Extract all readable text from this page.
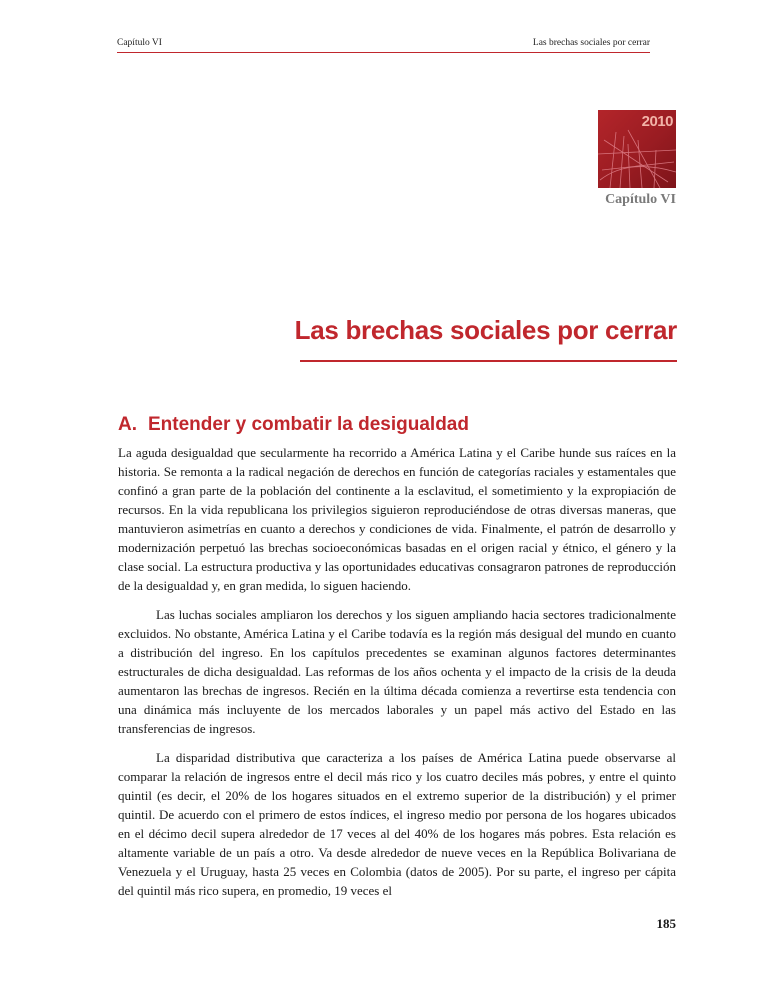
Capítulo VI	Las brechas sociales por cerrar
2010
Capítulo VI
Las brechas sociales por cerrar
A. Entender y combatir la desigualdad

La aguda desigualdad que secularmente ha recorrido a América Latina y el Caribe hunde sus raíces en la historia. Se remonta a la radical negación de derechos en función de categorías raciales y estamentales que confinó a gran parte de la población del continente a la esclavitud, el sometimiento y la expropiación de recursos. En la vida republicana los privilegios siguieron reproduciéndose de otras diversas maneras, que mantuvieron asimetrías en cuanto a derechos y condiciones de vida. Finalmente, el patrón de desarrollo y modernización perpetuó las brechas socioeconómicas basadas en el origen racial y étnico, el género y la clase social. La estructura productiva y las oportunidades educativas consagraron patrones de reproducción de la desigualdad y, en gran medida, lo siguen haciendo.

Las luchas sociales ampliaron los derechos y los siguen ampliando hacia sectores tradicionalmente excluidos. No obstante, América Latina y el Caribe todavía es la región más desigual del mundo en cuanto a distribución del ingreso. En los capítulos precedentes se examinan algunos factores determinantes estructurales de dicha desigualdad. Las reformas de los años ochenta y el impacto de la crisis de la deuda aumentaron las brechas de ingresos. Recién en la última década comienza a revertirse esta tendencia con una dinámica más incluyente de los mercados laborales y un papel más activo del Estado en las transferencias de ingresos.

La disparidad distributiva que caracteriza a los países de América Latina puede observarse al comparar la relación de ingresos entre el decil más rico y los cuatro deciles más pobres, y entre el quinto quintil (es decir, el 20% de los hogares situados en el extremo superior de la distribución) y el primer quintil. De acuerdo con el primero de estos índices, el ingreso medio por persona de los hogares ubicados en el décimo decil supera alrededor de 17 veces al del 40% de los hogares más pobres. Esta relación es altamente variable de un país a otro. Va desde alrededor de nueve veces en la República Bolivariana de Venezuela y el Uruguay, hasta 25 veces en Colombia (datos de 2005). Por su parte, el ingreso per cápita del quintil más rico supera, en promedio, 19 veces el

185
